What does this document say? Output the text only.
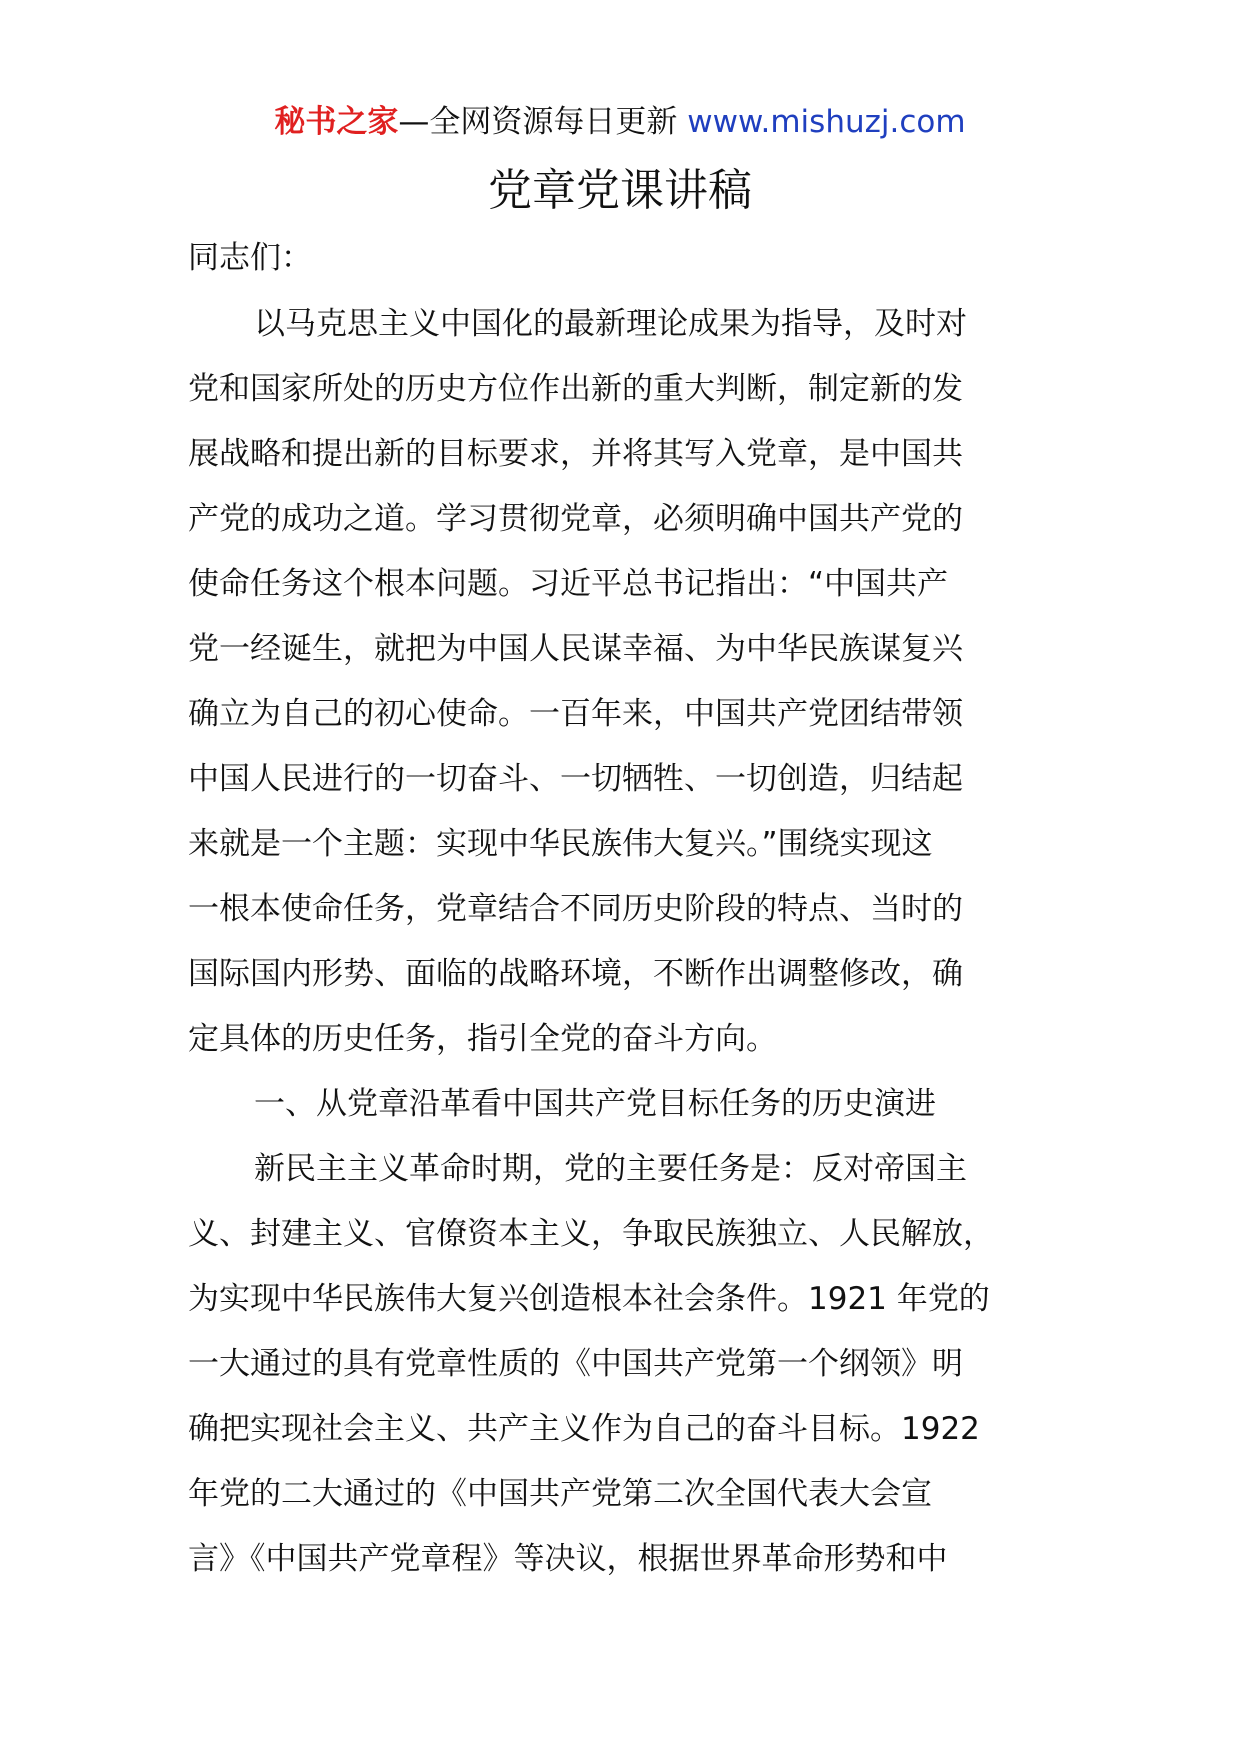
秘书之家—全网资源每日更新 www.mishuzj.com
党章党课讲稿
同志们：
以马克思主义中国化的最新理论成果为指导，及时对
党和国家所处的历史方位作出新的重大判断，制定新的发
展战略和提出新的目标要求，并将其写入党章，是中国共
产党的成功之道。学习贯彻党章，必须明确中国共产党的
使命任务这个根本问题。习近平总书记指出：“中国共产
党一经诞生，就把为中国人民谋幸福、为中华民族谋复兴
确立为自己的初心使命。一百年来，中国共产党团结带领
中国人民进行的一切奋斗、一切牺牲、一切创造，归结起
来就是一个主题：实现中华民族伟大复兴。”围绕实现这
一根本使命任务，党章结合不同历史阶段的特点、当时的
国际国内形势、面临的战略环境，不断作出调整修改，确
定具体的历史任务，指引全党的奋斗方向。
一、从党章沿革看中国共产党目标任务的历史演进
新民主主义革命时期，党的主要任务是：反对帝国主
义、封建主义、官僚资本主义，争取民族独立、人民解放，
为实现中华民族伟大复兴创造根本社会条件。1921 年党的
一大通过的具有党章性质的《中国共产党第一个纲领》明
确把实现社会主义、共产主义作为自己的奋斗目标。1922
年党的二大通过的《中国共产党第二次全国代表大会宣
言》《中国共产党章程》等决议，根据世界革命形势和中
